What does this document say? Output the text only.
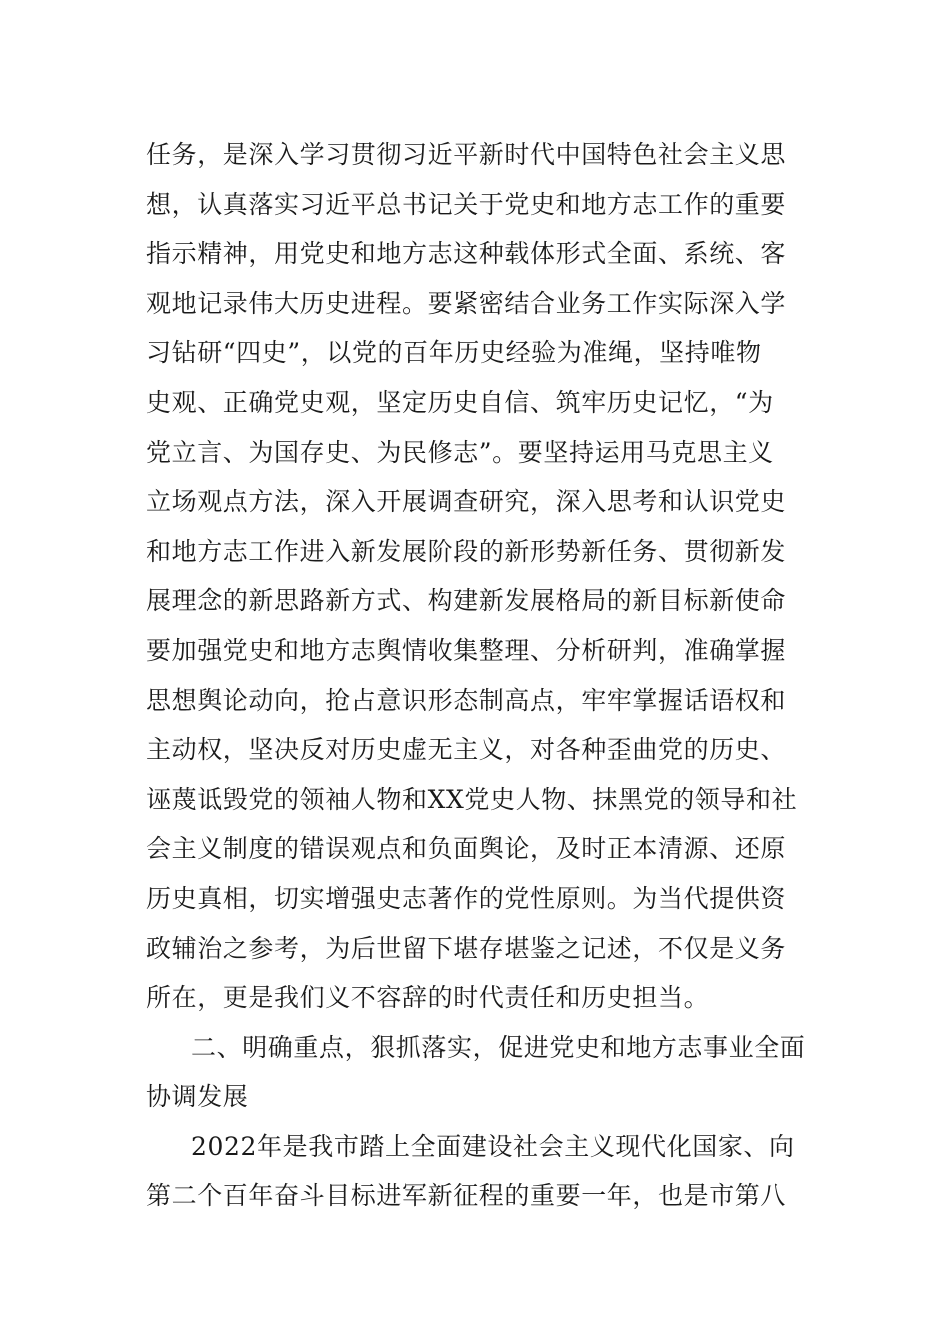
任务，是深入学习贯彻习近平新时代中国特色社会主义思
想，认真落实习近平总书记关于党史和地方志工作的重要
指示精神，用党史和地方志这种载体形式全面、系统、客
观地记录伟大历史进程。要紧密结合业务工作实际深入学
习钻研“四史”，以党的百年历史经验为准绳，坚持唯物
史观、正确党史观，坚定历史自信、筑牢历史记忆，“为
党立言、为国存史、为民修志”。要坚持运用马克思主义
立场观点方法，深入开展调查研究，深入思考和认识党史
和地方志工作进入新发展阶段的新形势新任务、贯彻新发
展理念的新思路新方式、构建新发展格局的新目标新使命
要加强党史和地方志舆情收集整理、分析研判，准确掌握
思想舆论动向，抢占意识形态制高点，牢牢掌握话语权和
主动权，坚决反对历史虚无主义，对各种歪曲党的历史、
诬蔑诋毁党的领袖人物和XX党史人物、抹黑党的领导和社
会主义制度的错误观点和负面舆论，及时正本清源、还原
历史真相，切实增强史志著作的党性原则。为当代提供资
政辅治之参考，为后世留下堪存堪鉴之记述，不仅是义务
所在，更是我们义不容辞的时代责任和历史担当。
二、明确重点，狠抓落实，促进党史和地方志事业全面
协调发展
2022年是我市踏上全面建设社会主义现代化国家、向
第二个百年奋斗目标进军新征程的重要一年，也是市第八
